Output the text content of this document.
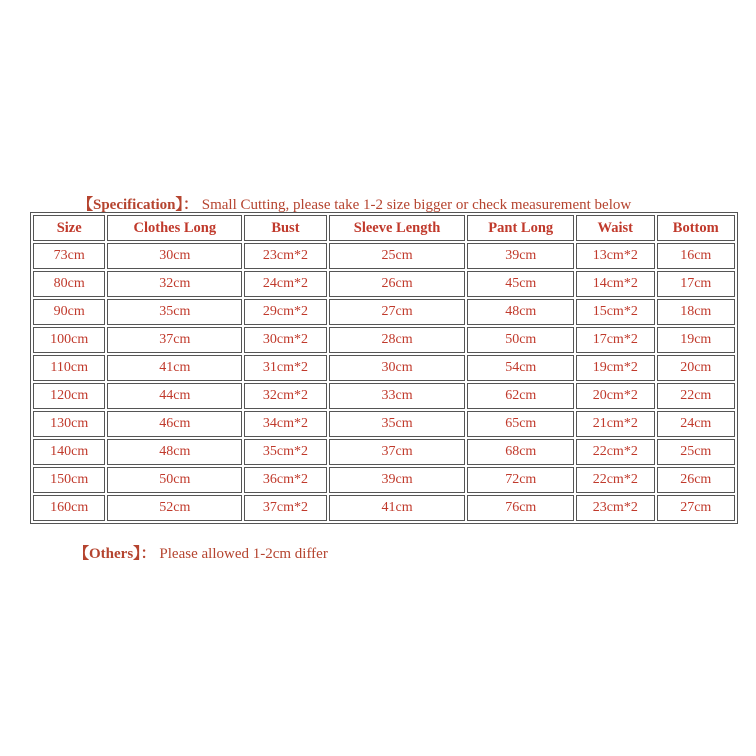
【Specification】： Small Cutting, please take 1-2 size bigger or check measurement below
Size	Clothes Long	Bust	Sleeve Length	Pant Long	Waist	Bottom
73cm	30cm	23cm*2	25cm	39cm	13cm*2	16cm
80cm	32cm	24cm*2	26cm	45cm	14cm*2	17cm
90cm	35cm	29cm*2	27cm	48cm	15cm*2	18cm
100cm	37cm	30cm*2	28cm	50cm	17cm*2	19cm
110cm	41cm	31cm*2	30cm	54cm	19cm*2	20cm
120cm	44cm	32cm*2	33cm	62cm	20cm*2	22cm
130cm	46cm	34cm*2	35cm	65cm	21cm*2	24cm
140cm	48cm	35cm*2	37cm	68cm	22cm*2	25cm
150cm	50cm	36cm*2	39cm	72cm	22cm*2	26cm
160cm	52cm	37cm*2	41cm	76cm	23cm*2	27cm
【Others】： Please allowed 1-2cm differ
